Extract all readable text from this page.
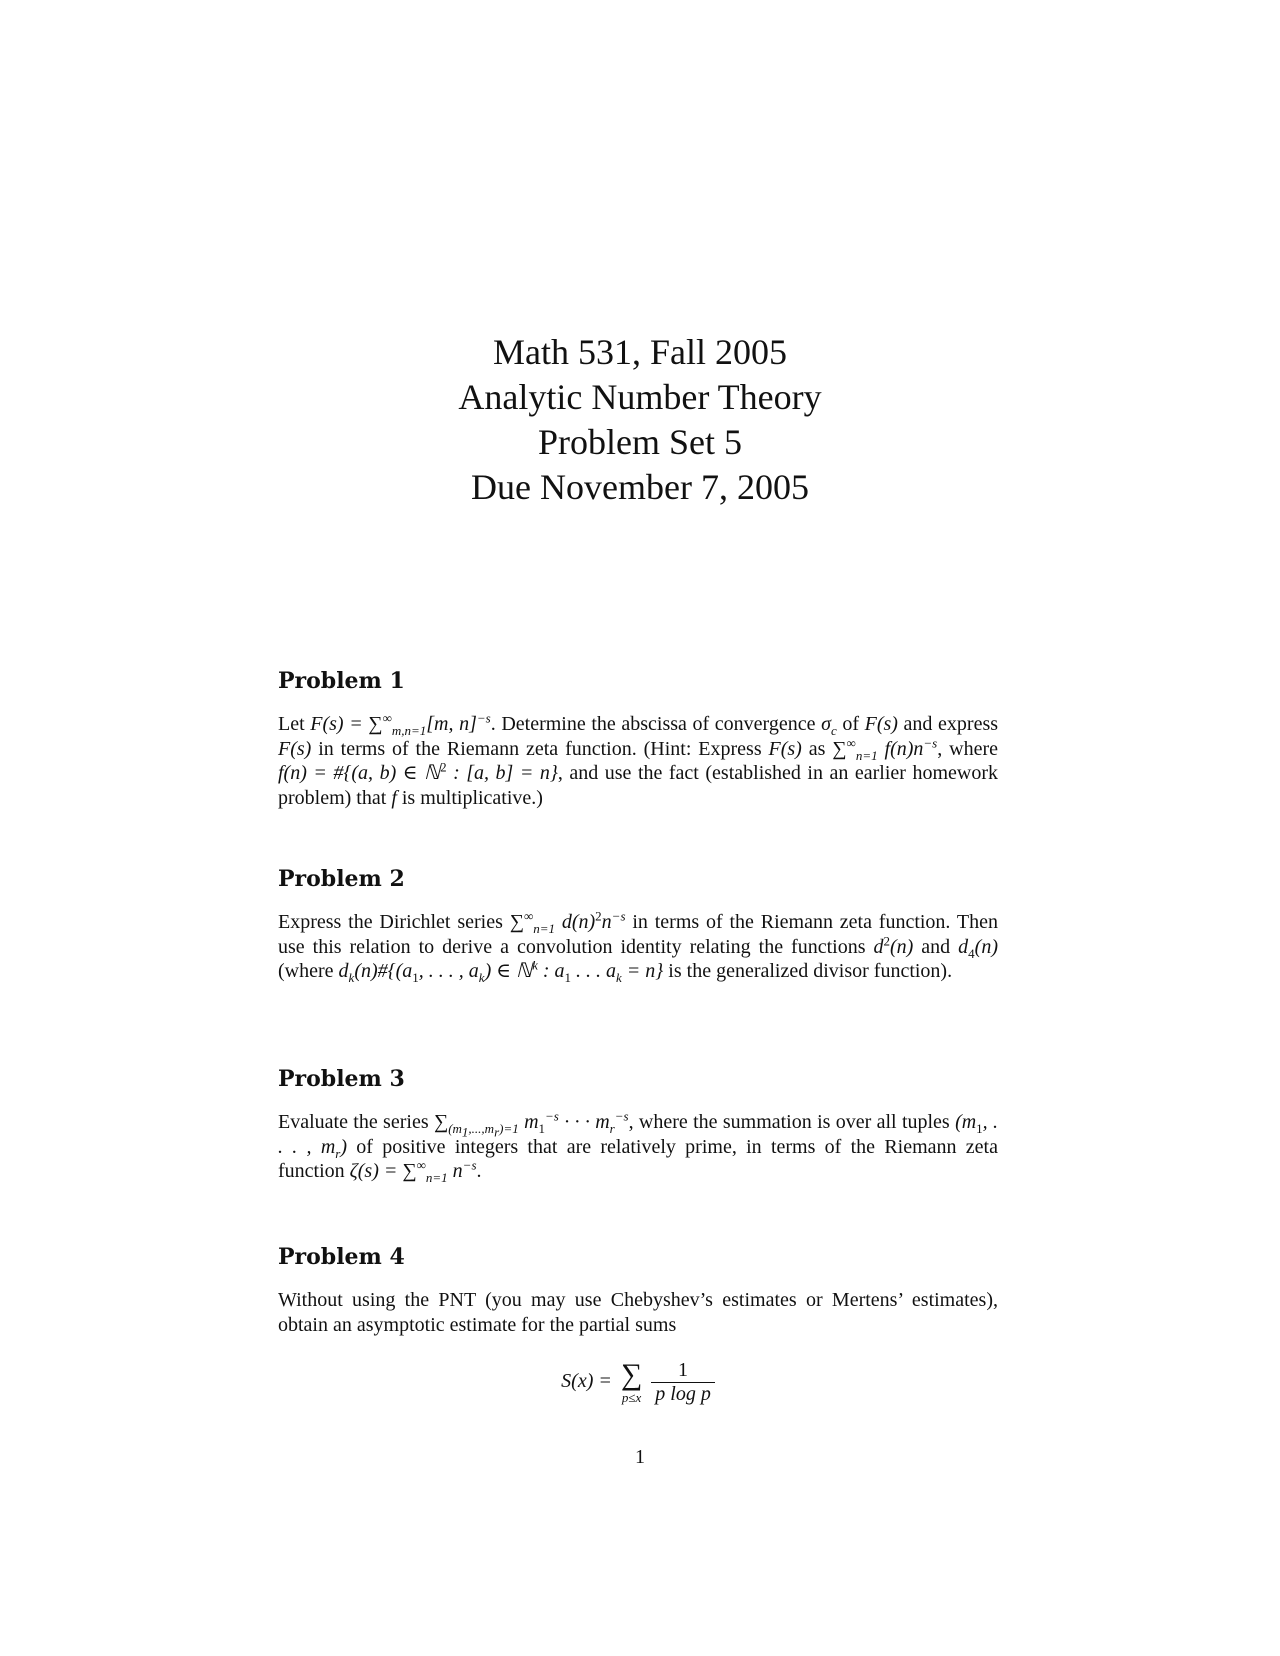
Math 531, Fall 2005
Analytic Number Theory
Problem Set 5
Due November 7, 2005
Problem 1

Let $F(s) = \sum^\infty_{m,n=1}[m$, n]$^{-s}$. Determine the abscissa of convergence $\sigma_c$ of F(s) and express F(s) in terms of the Riemann zeta function. (Hint: Express F(s) as $\sum^\infty_{n=1}$ $f(n)n^{-s}$, where f(n) = #{(a, b) ∈ ℕ$^2$ : [a, b] = n}, and use the fact (established in an earlier homework problem) that f is multiplicative.)

Problem 2

Express the Dirichlet series $\sum^\infty_{n=1}$ $d(n)^2n^{-s}$ in terms of the Riemann zeta function. Then use this relation to derive a convolution identity relating the functions $d^2(n)$ and $d_4(n)$ (where $d_k(n)\#\{(a_1$, . . . , $a_k$) ∈ ℕ$^k$ : $a_1$ . . . $a_k = n$} is the generalized divisor function).

Problem 3

Evaluate the series $\sum_{(m_1,...,m_r)=1}$ $m_1^{-s}$ · · · $m_r^{-s}$, where the summation is over all tuples ($m_1$, . . . , $m_r$) of positive integers that are relatively prime, in terms of the Riemann zeta function $\zeta(s) = \sum^\infty_{n=1}$ $n^{-s}$.

Problem 4

Without using the PNT (you may use Chebyshev’s estimates or Mertens’ estimates), obtain an asymptotic estimate for the partial sums

S(x) = ∑
p≤x
$\frac{1}{\text{p log p}}$
1
